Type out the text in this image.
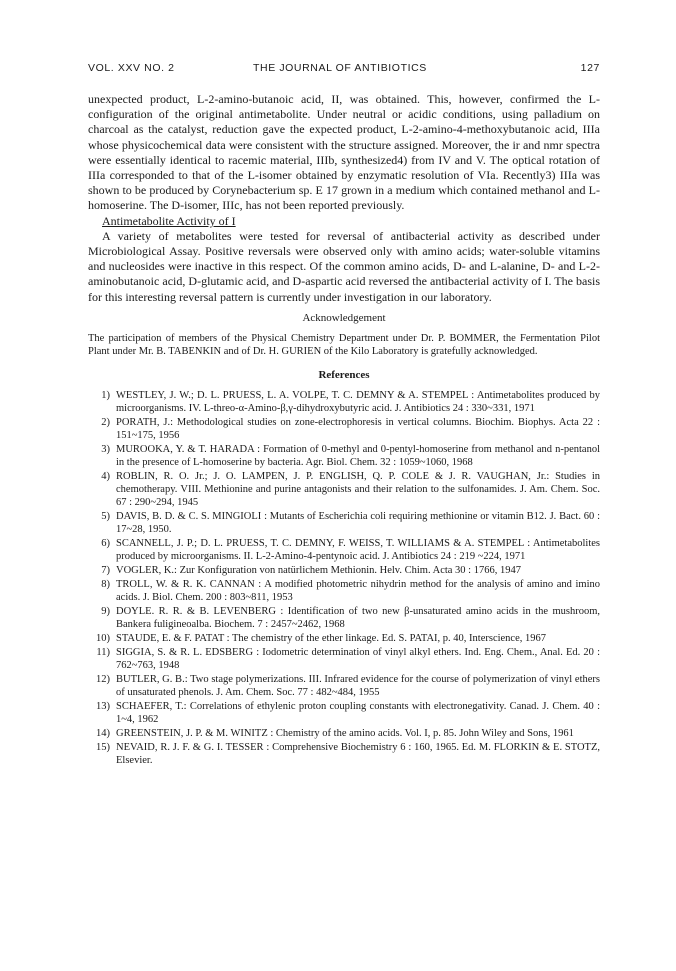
VOL. XXV NO. 2	THE JOURNAL OF ANTIBIOTICS	127

unexpected product, L-2-amino-butanoic acid, II, was obtained. This, however, confirmed the L-configuration of the original antimetabolite. Under neutral or acidic conditions, using palladium on charcoal as the catalyst, reduction gave the expected product, L-2-amino-4-methoxybutanoic acid, IIIa whose physicochemical data were consistent with the structure assigned. Moreover, the ir and nmr spectra were essentially identical to racemic material, IIIb, synthesized4) from IV and V. The optical rotation of IIIa corresponded to that of the L-isomer obtained by enzymatic resolution of VIa. Recently3) IIIa was shown to be produced by Corynebacterium sp. E 17 grown in a medium which contained methanol and L-homoserine. The D-isomer, IIIc, has not been reported previously.

Antimetabolite Activity of I

A variety of metabolites were tested for reversal of antibacterial activity as described under Microbiological Assay. Positive reversals were observed only with amino acids; water-soluble vitamins and nucleosides were inactive in this respect. Of the common amino acids, D- and L-alanine, D- and L-2-aminobutanoic acid, D-glutamic acid, and D-aspartic acid reversed the antibacterial activity of I. The basis for this interesting reversal pattern is currently under investigation in our laboratory.

Acknowledgement

The participation of members of the Physical Chemistry Department under Dr. P. BOMMER, the Fermentation Pilot Plant under Mr. B. TABENKIN and of Dr. H. GURIEN of the Kilo Laboratory is gratefully acknowledged.

References
1) WESTLEY, J. W.; D. L. PRUESS, L. A. VOLPE, T. C. DEMNY & A. STEMPEL : Antimetabolites produced by microorganisms. IV. L-threo-α-Amino-β,γ-dihydroxybutyric acid. J. Antibiotics 24 : 330~331, 1971
2) PORATH, J.: Methodological studies on zone-electrophoresis in vertical columns. Biochim. Biophys. Acta 22 : 151~175, 1956
3) MUROOKA, Y. & T. HARADA : Formation of 0-methyl and 0-pentyl-homoserine from methanol and n-pentanol in the presence of L-homoserine by bacteria. Agr. Biol. Chem. 32 : 1059~1060, 1968
4) ROBLIN, R. O. Jr.; J. O. LAMPEN, J. P. ENGLISH, Q. P. COLE & J. R. VAUGHAN, Jr.: Studies in chemotherapy. VIII. Methionine and purine antagonists and their relation to the sulfonamides. J. Am. Chem. Soc. 67 : 290~294, 1945
5) DAVIS, B. D. & C. S. MINGIOLI : Mutants of Escherichia coli requiring methionine or vitamin B12. J. Bact. 60 : 17~28, 1950.
6) SCANNELL, J. P.; D. L. PRUESS, T. C. DEMNY, F. WEISS, T. WILLIAMS & A. STEMPEL : Antimetabolites produced by microorganisms. II. L-2-Amino-4-pentynoic acid. J. Antibiotics 24 : 219 ~224, 1971
7) VOGLER, K.: Zur Konfiguration von natürlichem Methionin. Helv. Chim. Acta 30 : 1766, 1947
8) TROLL, W. & R. K. CANNAN : A modified photometric nihydrin method for the analysis of amino and imino acids. J. Biol. Chem. 200 : 803~811, 1953
9) DOYLE. R. R. & B. LEVENBERG : Identification of two new β-unsaturated amino acids in the mushroom, Bankera fuligineoalba. Biochem. 7 : 2457~2462, 1968
10) STAUDE, E. & F. PATAT : The chemistry of the ether linkage. Ed. S. PATAI, p. 40, Interscience, 1967
11) SIGGIA, S. & R. L. EDSBERG : Iodometric determination of vinyl alkyl ethers. Ind. Eng. Chem., Anal. Ed. 20 : 762~763, 1948
12) BUTLER, G. B.: Two stage polymerizations. III. Infrared evidence for the course of polymerization of vinyl ethers of unsaturated phenols. J. Am. Chem. Soc. 77 : 482~484, 1955
13) SCHAEFER, T.: Correlations of ethylenic proton coupling constants with electronegativity. Canad. J. Chem. 40 : 1~4, 1962
14) GREENSTEIN, J. P. & M. WINITZ : Chemistry of the amino acids. Vol. I, p. 85. John Wiley and Sons, 1961
15) NEVAID, R. J. F. & G. I. TESSER : Comprehensive Biochemistry 6 : 160, 1965. Ed. M. FLORKIN & E. STOTZ, Elsevier.
